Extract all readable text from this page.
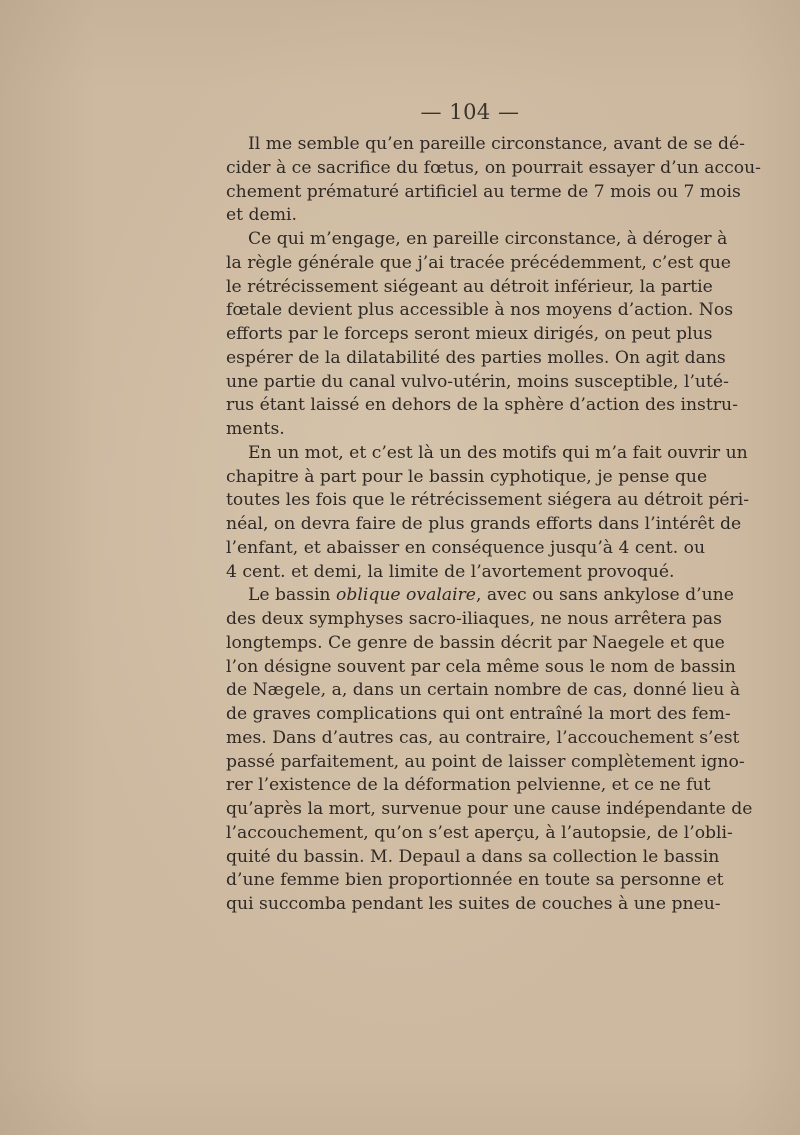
— 104 —
Il me semble qu’en pareille circonstance, avant de se dé-
cider à ce sacrifice du fœtus, on pourrait essayer d’un accou-
chement prématuré artificiel au terme de 7 mois ou 7 mois
et demi.
Ce qui m’engage, en pareille circonstance, à déroger à
la règle générale que j’ai tracée précédemment, c’est que
le rétrécissement siégeant au détroit inférieur, la partie
fœtale devient plus accessible à nos moyens d’action. Nos
efforts par le forceps seront mieux dirigés, on peut plus
espérer de la dilatabilité des parties molles. On agit dans
une partie du canal vulvo-utérin, moins susceptible, l’uté-
rus étant laissé en dehors de la sphère d’action des instru-
ments.
En un mot, et c’est là un des motifs qui m’a fait ouvrir un
chapitre à part pour le bassin cyphotique, je pense que
toutes les fois que le rétrécissement siégera au détroit péri-
néal, on devra faire de plus grands efforts dans l’intérêt de
l’enfant, et abaisser en conséquence jusqu’à 4 cent. ou
4 cent. et demi, la limite de l’avortement provoqué.
Le bassin oblique ovalaire, avec ou sans ankylose d’une
des deux symphyses sacro-iliaques, ne nous arrêtera pas
longtemps. Ce genre de bassin décrit par Naegele et que
l’on désigne souvent par cela même sous le nom de bassin
de Nægele, a, dans un certain nombre de cas, donné lieu à
de graves complications qui ont entraîné la mort des fem-
mes. Dans d’autres cas, au contraire, l’accouchement s’est
passé parfaitement, au point de laisser complètement igno-
rer l’existence de la déformation pelvienne, et ce ne fut
qu’après la mort, survenue pour une cause indépendante de
l’accouchement, qu’on s’est aperçu, à l’autopsie, de l’obli-
quité du bassin. M. Depaul a dans sa collection le bassin
d’une femme bien proportionnée en toute sa personne et
qui succomba pendant les suites de couches à une pneu-
